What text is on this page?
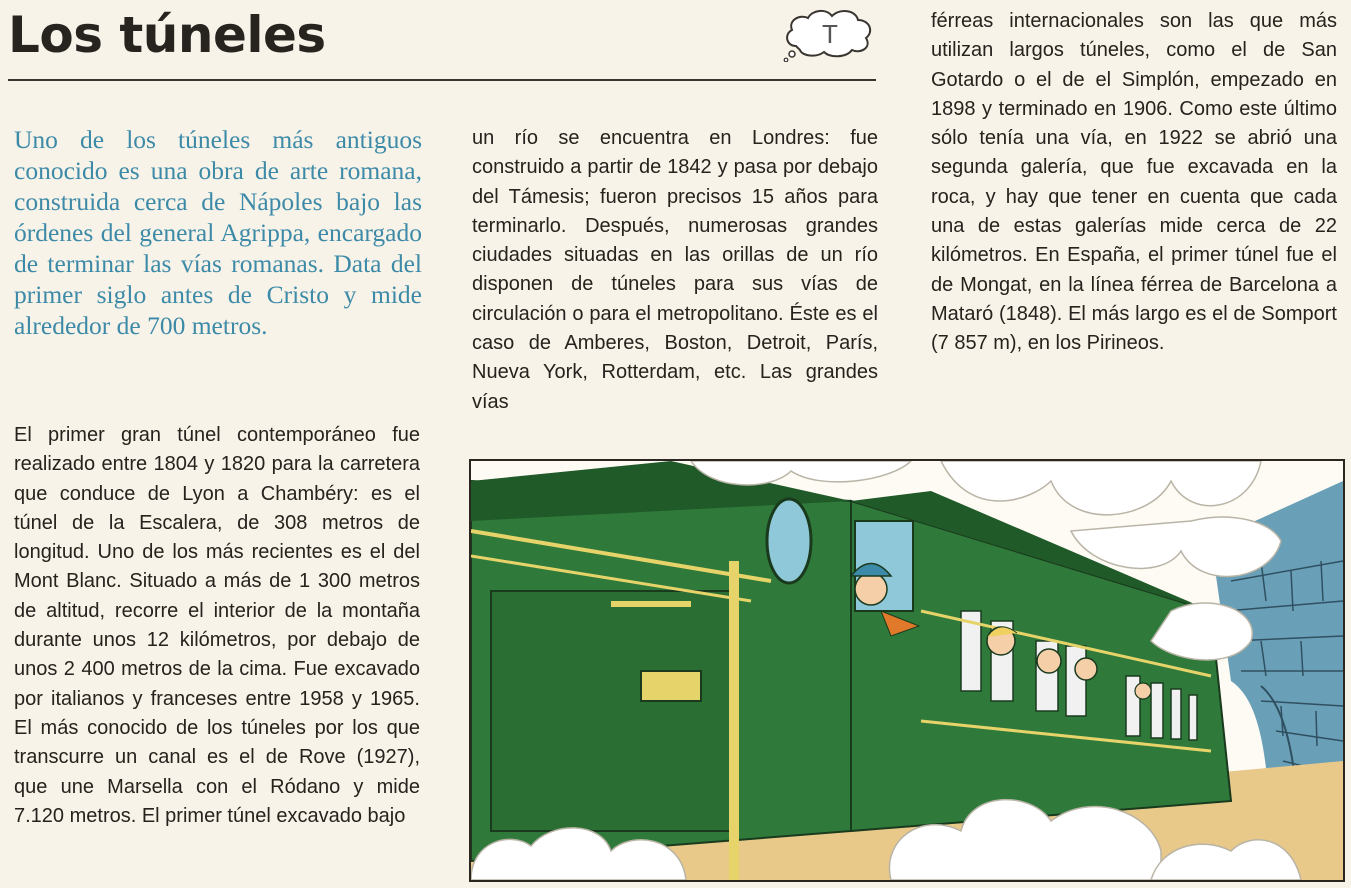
Los túneles	T

Uno de los túneles más antiguos conocido es una obra de arte romana, construida cerca de Nápoles bajo las órdenes del general Agrippa, encargado de terminar las vías romanas. Data del primer siglo antes de Cristo y mide alrededor de 700 metros.

El primer gran túnel contemporáneo fue realizado entre 1804 y 1820 para la carretera que conduce de Lyon a Chambéry: es el túnel de la Escalera, de 308 metros de longitud. Uno de los más recientes es el del Mont Blanc. Situado a más de 1 300 metros de altitud, recorre el interior de la montaña durante unos 12 kilómetros, por debajo de unos 2 400 metros de la cima. Fue excavado por italianos y franceses entre 1958 y 1965. El más conocido de los túneles por los que transcurre un canal es el de Rove (1927), que une Marsella con el Ródano y mide 7.120 metros. El primer túnel excavado bajo

un río se encuentra en Londres: fue construido a partir de 1842 y pasa por debajo del Támesis; fueron precisos 15 años para terminarlo. Después, numerosas grandes ciudades situadas en las orillas de un río disponen de túneles para sus vías de circulación o para el metropolitano. Éste es el caso de Amberes, Boston, Detroit, París, Nueva York, Rotterdam, etc. Las grandes vías

férreas internacionales son las que más utilizan largos túneles, como el de San Gotardo o el de el Simplón, empezado en 1898 y terminado en 1906. Como este último sólo tenía una vía, en 1922 se abrió una segunda galería, que fue excavada en la roca, y hay que tener en cuenta que cada una de estas galerías mide cerca de 22 kilómetros. En España, el primer túnel fue el de Mongat, en la línea férrea de Barcelona a Mataró (1848). El más largo es el de Somport (7 857 m), en los Pirineos.
